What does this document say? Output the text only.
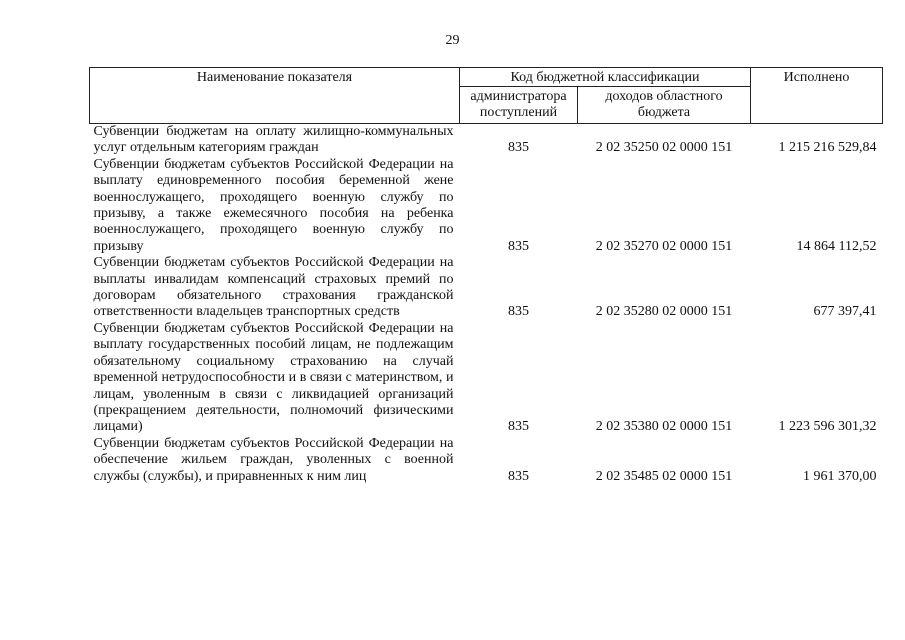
29
Наименование показателя	Код бюджетной классификации		Исполнено
	администратора поступлений	доходов областного бюджета	
Субвенции бюджетам на оплату жилищно-коммунальных услуг отдельным категориям граждан	835	2 02 35250 02 0000 151	1 215 216 529,84
Субвенции бюджетам субъектов Российской Федерации на выплату единовременного пособия беременной жене военнослужащего, проходящего военную службу по призыву, а также ежемесячного пособия на ребенка военнослужащего, проходящего военную службу по призыву	835	2 02 35270 02 0000 151	14 864 112,52
Субвенции бюджетам субъектов Российской Федерации на выплаты инвалидам компенсаций страховых премий по договорам обязательного страхования гражданской ответственности владельцев транспортных средств	835	2 02 35280 02 0000 151	677 397,41
Субвенции бюджетам субъектов Российской Федерации на выплату государственных пособий лицам, не подлежащим обязательному социальному страхованию на случай временной нетрудоспособности и в связи с материнством, и лицам, уволенным в связи с ликвидацией организаций (прекращением деятельности, полномочий физическими лицами)	835	2 02 35380 02 0000 151	1 223 596 301,32
Субвенции бюджетам субъектов Российской Федерации на обеспечение жильем граждан, уволенных с военной службы (службы), и приравненных к ним лиц	835	2 02 35485 02 0000 151	1 961 370,00
